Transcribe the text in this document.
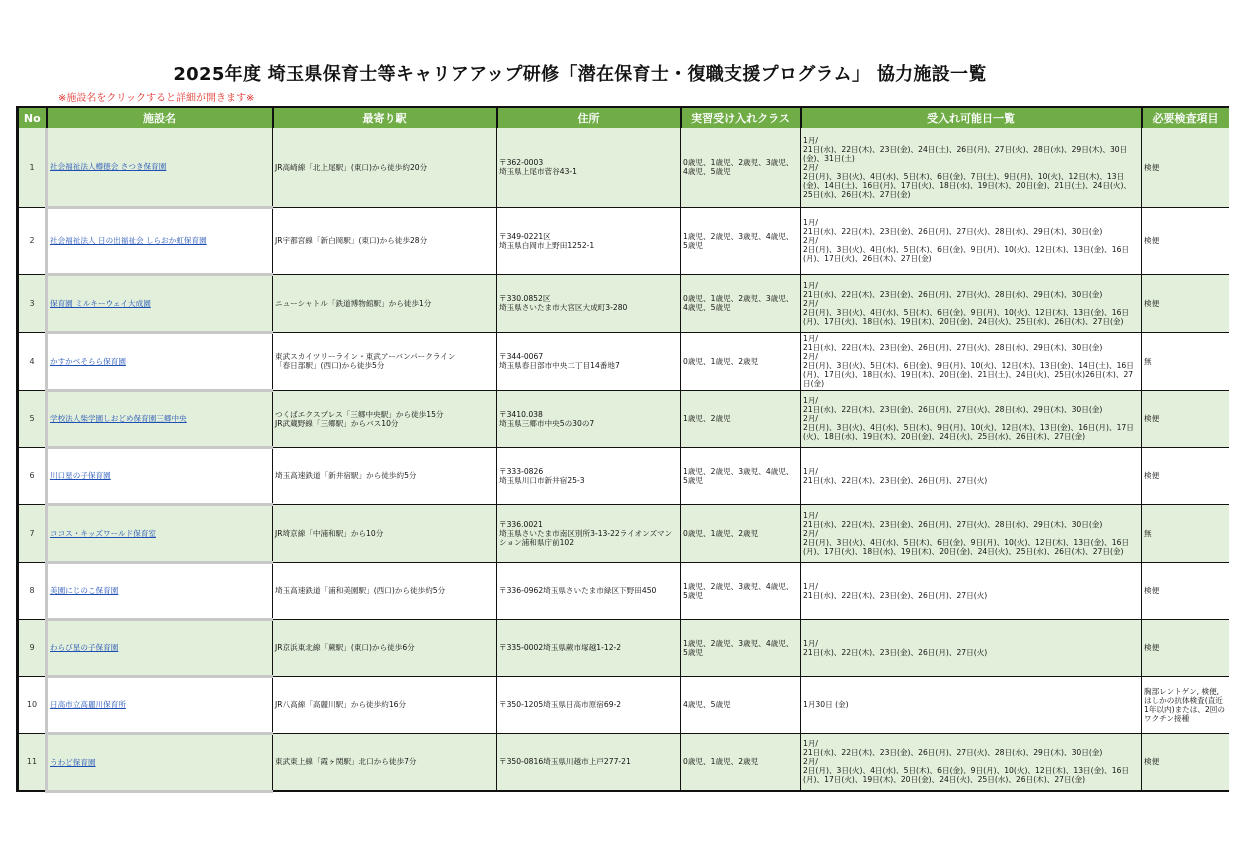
2025年度 埼玉県保育士等キャリアアップ研修「潜在保育士・復職支援プログラム」 協力施設一覧
※施設名をクリックすると詳細が開きます※
No	施設名	最寄り駅	住所	実習受け入れクラス	受入れ可能日一覧	必要検査項目
1	社会福祉法人樽徳会 さつき保育園	JR高崎線「北上尾駅」(東口)から徒歩約20分	〒362-0003
埼玉県上尾市菅谷43-1	0歳児、1歳児、2歳児、3歳児、4歳児、5歳児	1月/
21日(水)、22日(木)、23日(金)、24日(土)、26日(月)、27日(火)、28日(水)、29日(木)、30日(金)、31日(土)
2月/
2日(月)、3日(火)、4日(水)、5日(木)、6日(金)、7日(土)、9日(月)、10(火)、12日(木)、13日(金)、14日(土)、16日(月)、17日(火)、18日(水)、19日(木)、20日(金)、21日(土)、24日(火)、25日(水)、26日(木)、27日(金)	検便
2	社会福祉法人 日の出福祉会 しらおか虹保育園	JR宇都宮線「新白岡駅」(東口)から徒歩28分	〒349-0221区
埼玉県白岡市上野田1252-1	1歳児、2歳児、3歳児、4歳児、5歳児	1月/
21日(水)、22日(木)、23日(金)、26日(月)、27日(火)、28日(水)、29日(木)、30日(金)
2月/
2日(月)、3日(火)、4日(水)、5日(木)、6日(金)、9日(月)、10(火)、12日(木)、13日(金)、16日(月)、17日(火)、26日(木)、27日(金)	検便
3	保育園 ミルキーウェイ大成園	ニューシャトル「鉄道博物館駅」から徒歩1分	〒330.0852区
埼玉県さいたま市大宮区大成町3-280	0歳児、1歳児、2歳児、3歳児、4歳児、5歳児	1月/
21日(水)、22日(木)、23日(金)、26日(月)、27日(火)、28日(水)、29日(木)、30日(金)
2月/
2日(月)、3日(火)、4日(水)、5日(木)、6日(金)、9日(月)、10(火)、12日(木)、13日(金)、16日(月)、17日(火)、18日(水)、19日(木)、20日(金)、24日(火)、25日(水)、26日(木)、27日(金)	検便
4	かすかべそらら保育園	東武スカイツリーライン・東武アーバンパークライン
「春日部駅」(西口)から徒歩5分	〒344-0067
埼玉県春日部市中央二丁目14番地7	0歳児、1歳児、2歳児	1月/
21日(水)、22日(木)、23日(金)、26日(月)、27日(火)、28日(水)、29日(木)、30日(金)
2月/
2日(月)、3日(火)、5日(木)、6日(金)、9日(月)、10(火)、12日(木)、13日(金)、14日(土)、16日(月)、17日(火)、18日(水)、19日(木)、20日(金)、21日(土)、24日(火)、25日(水)26日(木)、27日(金)	無
5	学校法人柴学園しおどめ保育園三郷中央	つくばエクスプレス「三郷中央駅」から徒歩15分
JR武蔵野線「三郷駅」からバス10分	〒3410.038
埼玉県三郷市中央5の30の7	1歳児、2歳児	1月/
21日(水)、22日(木)、23日(金)、26日(月)、27日(火)、28日(水)、29日(木)、30日(金)
2月/
2日(月)、3日(火)、4日(水)、5日(木)、9日(月)、10(火)、12日(木)、13日(金)、16日(月)、17日(火)、18日(水)、19日(木)、20日(金)、24日(火)、25日(水)、26日(木)、27日(金)	検便
6	川口星の子保育園	埼玉高速鉄道「新井宿駅」から徒歩約5分	〒333-0826
埼玉県川口市新井宿25-3	1歳児、2歳児、3歳児、4歳児、5歳児	1月/
21日(水)、22日(木)、23日(金)、26日(月)、27日(火)	検便
7	ココス・キッズワールド保育室	JR埼京線「中浦和駅」から10分	〒336.0021
埼玉県さいたま市南区別所3-13-22ライオンズマンション浦和県庁前102	0歳児、1歳児、2歳児	1月/
21日(水)、22日(木)、23日(金)、26日(月)、27日(火)、28日(水)、29日(木)、30日(金)
2月/
2日(月)、3日(火)、4日(水)、5日(木)、6日(金)、9日(月)、10(火)、12日(木)、13日(金)、16日(月)、17日(火)、18日(水)、19日(木)、20日(金)、24日(火)、25日(水)、26日(木)、27日(金)	無
8	美園にじのこ保育園	埼玉高速鉄道「浦和美園駅」(西口)から徒歩約5分	〒336-0962埼玉県さいたま市緑区下野田450	1歳児、2歳児、3歳児、4歳児、5歳児	1月/
21日(水)、22日(木)、23日(金)、26日(月)、27日(火)	検便
9	わらび星の子保育園	JR京浜東北線「蕨駅」(東口)から徒歩6分	〒335-0002埼玉県蕨市塚越1-12-2	1歳児、2歳児、3歳児、4歳児、5歳児	1月/
21日(水)、22日(木)、23日(金)、26日(月)、27日(火)	検便
10	日高市立高麗川保育所	JR八高線「高麗川駅」から徒歩約16分	〒350-1205埼玉県日高市原宿69-2	4歳児、5歳児	1月30日 (金)	胸部レントゲン, 検便, はしかの抗体検査(直近1年以内)または、2回のワクチン接種
11	うわど保育園	東武東上線「霞ヶ関駅」北口から徒歩7分	〒350-0816埼玉県川越市上戸277-21	0歳児、1歳児、2歳児	1月/
21日(水)、22日(木)、23日(金)、26日(月)、27日(火)、28日(水)、29日(木)、30日(金)
2月/
2日(月)、3日(火)、4日(水)、5日(木)、6日(金)、9日(月)、10(火)、12日(木)、13日(金)、16日(月)、17日(火)、19日(木)、20日(金)、24日(火)、25日(水)、26日(木)、27日(金)	検便
